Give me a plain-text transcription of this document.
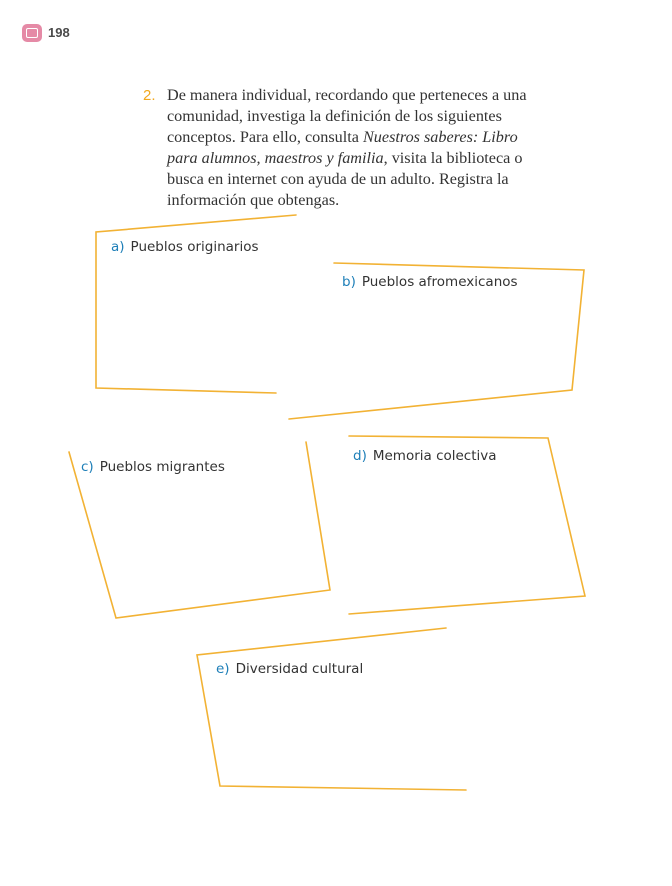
198
2. De manera individual, recordando que perteneces a una comunidad, investiga la definición de los siguientes conceptos. Para ello, consulta Nuestros saberes: Libro para alumnos, maestros y familia, visita la biblioteca o busca en internet con ayuda de un adulto. Registra la información que obtengas.
a) Pueblos originarios
b) Pueblos afromexicanos
c) Pueblos migrantes
d) Memoria colectiva
e) Diversidad cultural
